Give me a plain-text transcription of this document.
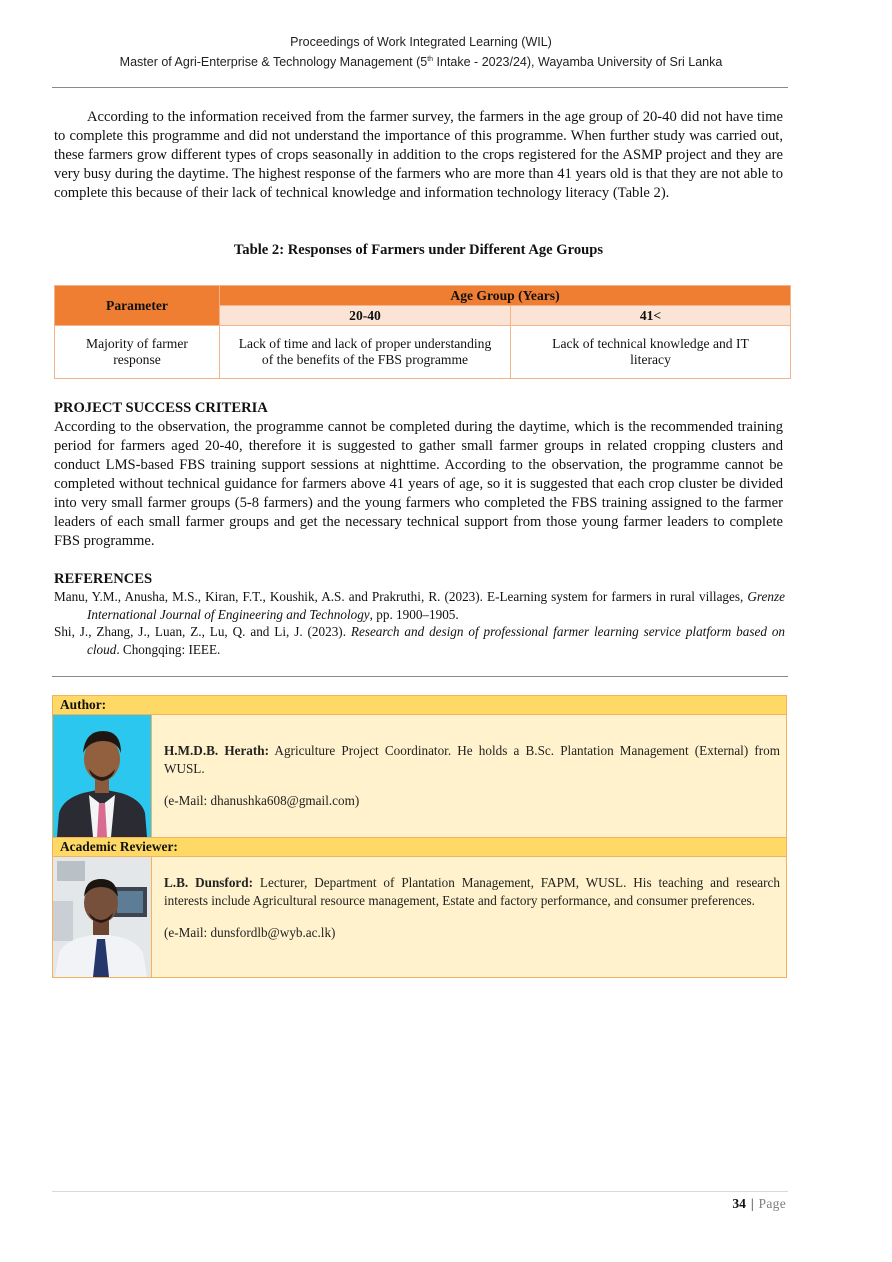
Proceedings of Work Integrated Learning (WIL)
Master of Agri-Enterprise & Technology Management (5th Intake - 2023/24), Wayamba University of Sri Lanka

According to the information received from the farmer survey, the farmers in the age group of 20-40 did not have time to complete this programme and did not understand the importance of this programme. When further study was carried out, these farmers grow different types of crops seasonally in addition to the crops registered for the ASMP project and they are very busy during the daytime. The highest response of the farmers who are more than 41 years old is that they are not able to complete this because of their lack of technical knowledge and information technology literacy (Table 2).

Table 2: Responses of Farmers under Different Age Groups
Parameter	Age Group (Years)	
	20-40	41<

Majority of farmer response	Lack of time and lack of proper understanding of the benefits of the FBS programme	Lack of technical knowledge and IT literacy
PROJECT SUCCESS CRITERIA

According to the observation, the programme cannot be completed during the daytime, which is the recommended training period for farmers aged 20-40, therefore it is suggested to gather small farmer groups in related cropping clusters and conduct LMS-based FBS training support sessions at nighttime. According to the observation, the programme cannot be completed without technical guidance for farmers above 41 years of age, so it is suggested that each crop cluster be divided into very small farmer groups (5-8 farmers) and the young farmers who completed the FBS training assigned to the farmer leaders of each small farmer groups and get the necessary technical support from those young farmer leaders to complete FBS programme.

REFERENCES
Manu, Y.M., Anusha, M.S., Kiran, F.T., Koushik, A.S. and Prakruthi, R. (2023). E-Learning system for farmers in rural villages, Grenze International Journal of Engineering and Technology, pp. 1900–1905.
Shi, J., Zhang, J., Luan, Z., Lu, Q. and Li, J. (2023). Research and design of professional farmer learning service platform based on cloud. Chongqing: IEEE.
Author:
H.M.D.B. Herath: Agriculture Project Coordinator. He holds a B.Sc. Plantation Management (External) from WUSL.
(e-Mail: dhanushka608@gmail.com)
Academic Reviewer:
L.B. Dunsford: Lecturer, Department of Plantation Management, FAPM, WUSL. His teaching and research interests include Agricultural resource management, Estate and factory performance, and consumer preferences.
(e-Mail: dunsfordlb@wyb.ac.lk)
34 | Page
